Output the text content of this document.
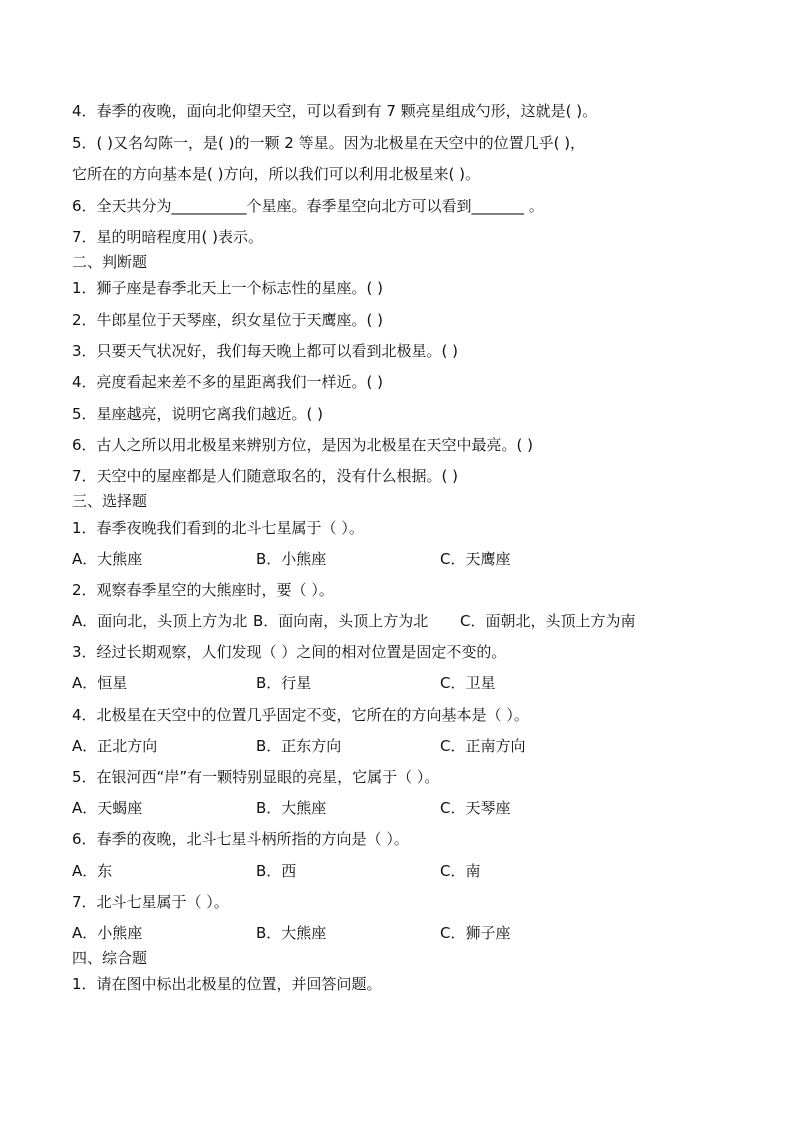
4．春季的夜晚，面向北仰望天空，可以看到有 7 颗亮星组成勺形，这就是( )。
5．( )又名勾陈一，是( )的一颗 2 等星。因为北极星在天空中的位置几乎( )，
它所在的方向基本是( )方向，所以我们可以利用北极星来( )。
6．全天共分为__________个星座。春季星空向北方可以看到_______ 。
7．星的明暗程度用( )表示。
二、判断题
1．狮子座是春季北天上一个标志性的星座。( )
2．牛郎星位于天琴座，织女星位于天鹰座。( )
3．只要天气状况好，我们每天晚上都可以看到北极星。( )
4．亮度看起来差不多的星距离我们一样近。( )
5．星座越亮，说明它离我们越近。( )
6．古人之所以用北极星来辨别方位，是因为北极星在天空中最亮。( )
7．天空中的屋座都是人们随意取名的，没有什么根据。( )
三、选择题
1．春季夜晚我们看到的北斗七星属于（ ）。
A．大熊座	B．小熊座	C．天鹰座
2．观察春季星空的大熊座时，要（ ）。
A．面向北，头顶上方为北 B．面向南，头顶上方为北 C．面朝北，头顶上方为南
3．经过长期观察，人们发现（ ）之间的相对位置是固定不变的。
A．恒星	B．行星	C．卫星
4．北极星在天空中的位置几乎固定不变，它所在的方向基本是（ ）。
A．正北方向	B．正东方向	C．正南方向
5．在银河西“岸”有一颗特别显眼的亮星，它属于（ ）。
A．天蝎座	B．大熊座	C．天琴座
6．春季的夜晚，北斗七星斗柄所指的方向是（ ）。
A．东	B．西	C．南
7．北斗七星属于（ ）。
A．小熊座	B．大熊座	C．狮子座
四、综合题
1．请在图中标出北极星的位置，并回答问题。
